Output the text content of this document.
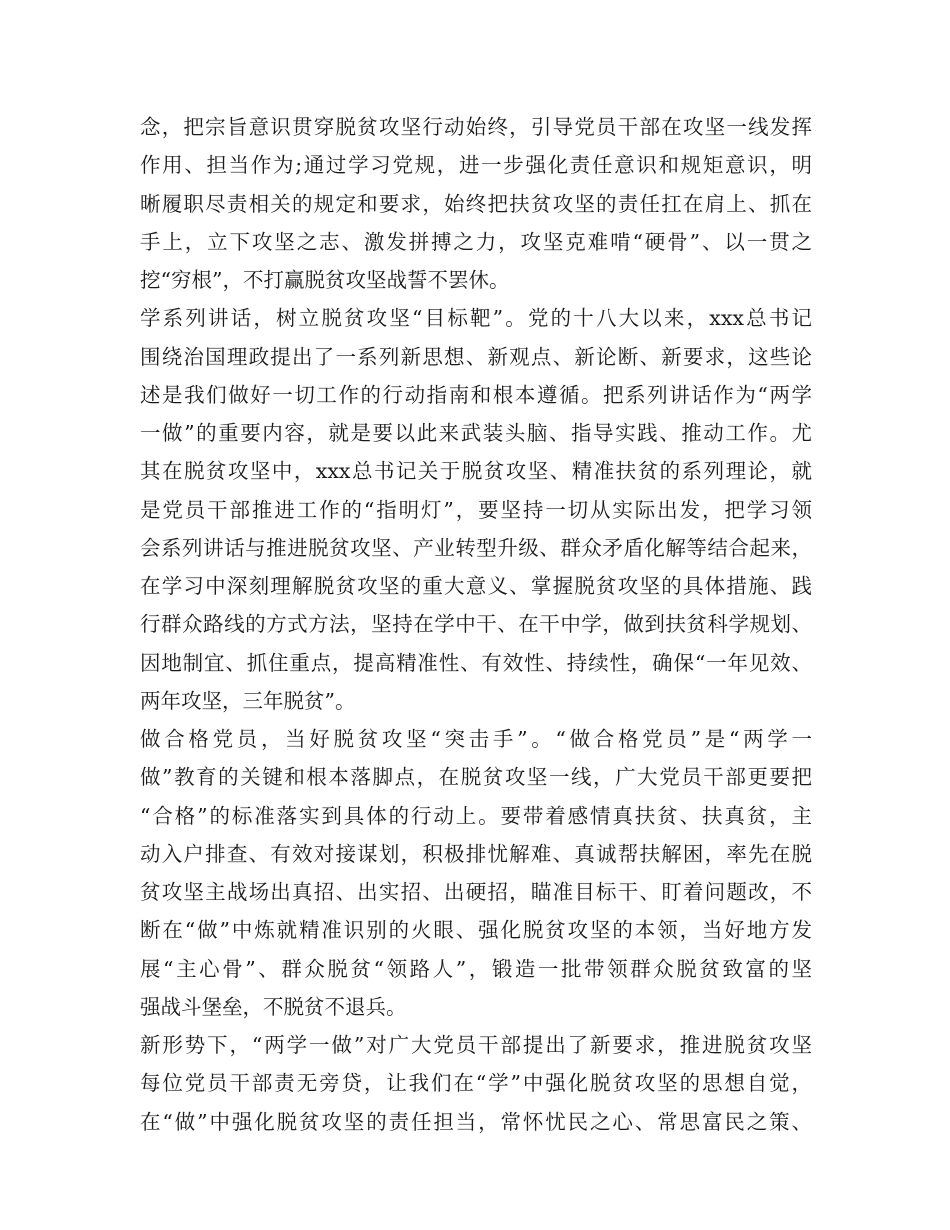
念，把宗旨意识贯穿脱贫攻坚行动始终，引导党员干部在攻坚一线发挥
作用、担当作为;通过学习党规，进一步强化责任意识和规矩意识，明
晰履职尽责相关的规定和要求，始终把扶贫攻坚的责任扛在肩上、抓在
手上，立下攻坚之志、激发拼搏之力，攻坚克难啃“硬骨”、以一贯之
挖“穷根”，不打赢脱贫攻坚战誓不罢休。
学系列讲话，树立脱贫攻坚“目标靶”。党的十八大以来，xxx总书记
围绕治国理政提出了一系列新思想、新观点、新论断、新要求，这些论
述是我们做好一切工作的行动指南和根本遵循。把系列讲话作为“两学
一做”的重要内容，就是要以此来武装头脑、指导实践、推动工作。尤
其在脱贫攻坚中，xxx总书记关于脱贫攻坚、精准扶贫的系列理论，就
是党员干部推进工作的“指明灯”，要坚持一切从实际出发，把学习领
会系列讲话与推进脱贫攻坚、产业转型升级、群众矛盾化解等结合起来，
在学习中深刻理解脱贫攻坚的重大意义、掌握脱贫攻坚的具体措施、践
行群众路线的方式方法，坚持在学中干、在干中学，做到扶贫科学规划、
因地制宜、抓住重点，提高精准性、有效性、持续性，确保“一年见效、
两年攻坚，三年脱贫”。
做合格党员，当好脱贫攻坚“突击手”。“做合格党员”是“两学一
做”教育的关键和根本落脚点，在脱贫攻坚一线，广大党员干部更要把
“合格”的标准落实到具体的行动上。要带着感情真扶贫、扶真贫，主
动入户排查、有效对接谋划，积极排忧解难、真诚帮扶解困，率先在脱
贫攻坚主战场出真招、出实招、出硬招，瞄准目标干、盯着问题改，不
断在“做”中炼就精准识别的火眼、强化脱贫攻坚的本领，当好地方发
展“主心骨”、群众脱贫“领路人”，锻造一批带领群众脱贫致富的坚
强战斗堡垒，不脱贫不退兵。
新形势下，“两学一做”对广大党员干部提出了新要求，推进脱贫攻坚
每位党员干部责无旁贷，让我们在“学”中强化脱贫攻坚的思想自觉，
在“做”中强化脱贫攻坚的责任担当，常怀忧民之心、常思富民之策、
